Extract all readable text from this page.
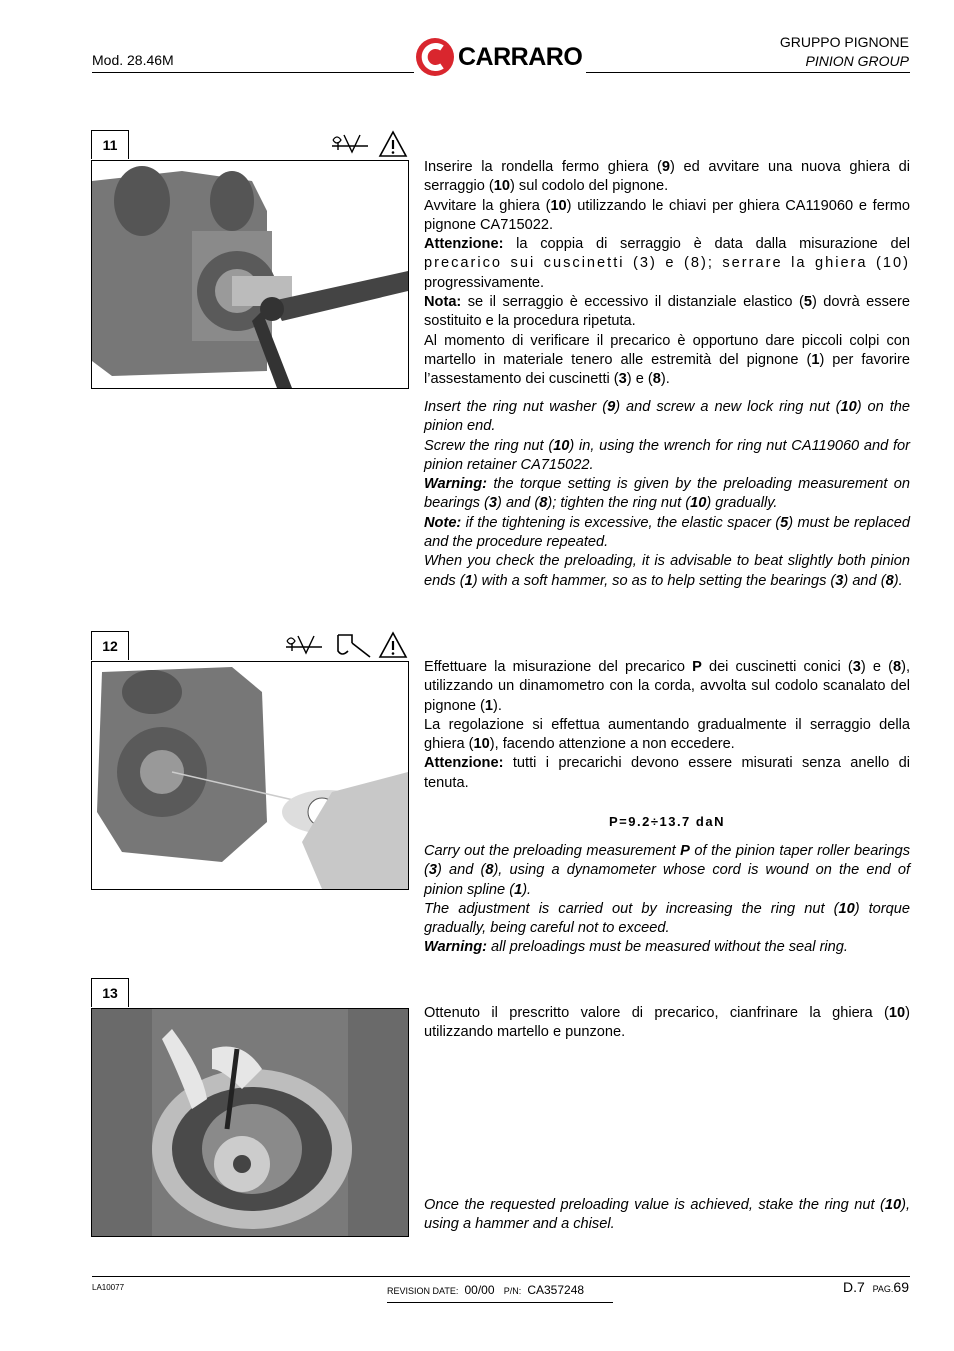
Mod. 28.46M	CARRARO
GRUPPO PIGNONE
PINION GROUP
11

Inserire la rondella fermo ghiera (9) ed avvitare una nuova ghiera di serraggio (10) sul codolo del pignone.

Avvitare la ghiera (10) utilizzando le chiavi per ghiera CA119060 e fermo pignone CA715022.

Attenzione: la coppia di serraggio è data dalla misurazione del precarico sui cuscinetti (3) e (8); serrare la ghiera (10) progressivamente.

Nota: se il serraggio è eccessivo il distanziale elastico (5) dovrà essere sostituito e la procedura ripetuta.

Al momento di verificare il precarico è opportuno dare piccoli colpi con martello in materiale tenero alle estremità del pignone (1) per favorire l’assestamento dei cuscinetti (3) e (8).

Insert the ring nut washer (9) and screw a new lock ring nut (10) on the pinion end.

Screw the ring nut (10) in, using the wrench for ring nut CA119060 and for pinion retainer CA715022.

Warning: the torque setting is given by the preloading measurement on bearings (3) and (8); tighten the ring nut (10) gradually.

Note: if the tightening is excessive, the elastic spacer (5) must be replaced and the procedure repeated.

When you check the preloading, it is advisable to beat slightly both pinion ends (1) with a soft hammer, so as to help setting the bearings (3) and (8).

12

Effettuare la misurazione del precarico P dei cuscinetti conici (3) e (8), utilizzando un dinamometro con la corda, avvolta sul codolo scanalato del pignone (1).

La regolazione si effettua aumentando gradualmente il serraggio della ghiera (10), facendo attenzione a non eccedere.

Attenzione: tutti i precarichi devono essere misurati senza anello di tenuta.

P=9.2÷13.7 daN

Carry out the preloading measurement P of the pinion taper roller bearings (3) and (8), using a dynamometer whose cord is wound on the end of pinion spline (1).

The adjustment is carried out by increasing the ring nut (10) torque gradually, being careful not to exceed.

Warning: all preloadings must be measured without the seal ring.

13

Ottenuto il prescritto valore di precarico, cianfrinare la ghiera (10) utilizzando martello e punzone.

Once the requested preloading value is achieved, stake the ring nut (10), using a hammer and a chisel.

LA10077	REVISION DATE: 00/00 P/N: CA357248	D.7 PAG.69
